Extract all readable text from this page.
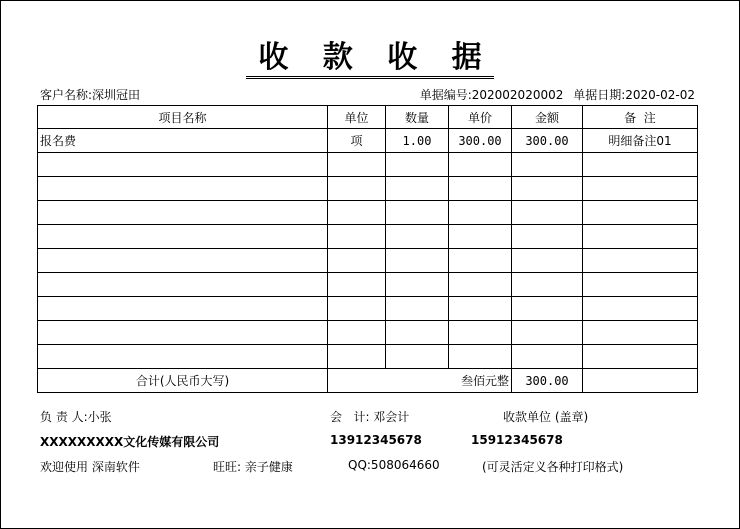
收 款 收 据
客户名称:深圳冠田	单据编号:202002020002 单据日期:2020-02-02
项目名称	单位	数量	单价	金额	备  注
报名费	项	1.00	300.00	300.00	明细备注01

合计(人民币大写)	叁佰元整			300.00	
负 责 人:小张	会   计: 邓会计	收款单位 (盖章)
XXXXXXXXX文化传媒有限公司	13912345678	15912345678
欢迎使用 深南软件	旺旺: 亲子健康	QQ:508064660	(可灵活定义各种打印格式)
